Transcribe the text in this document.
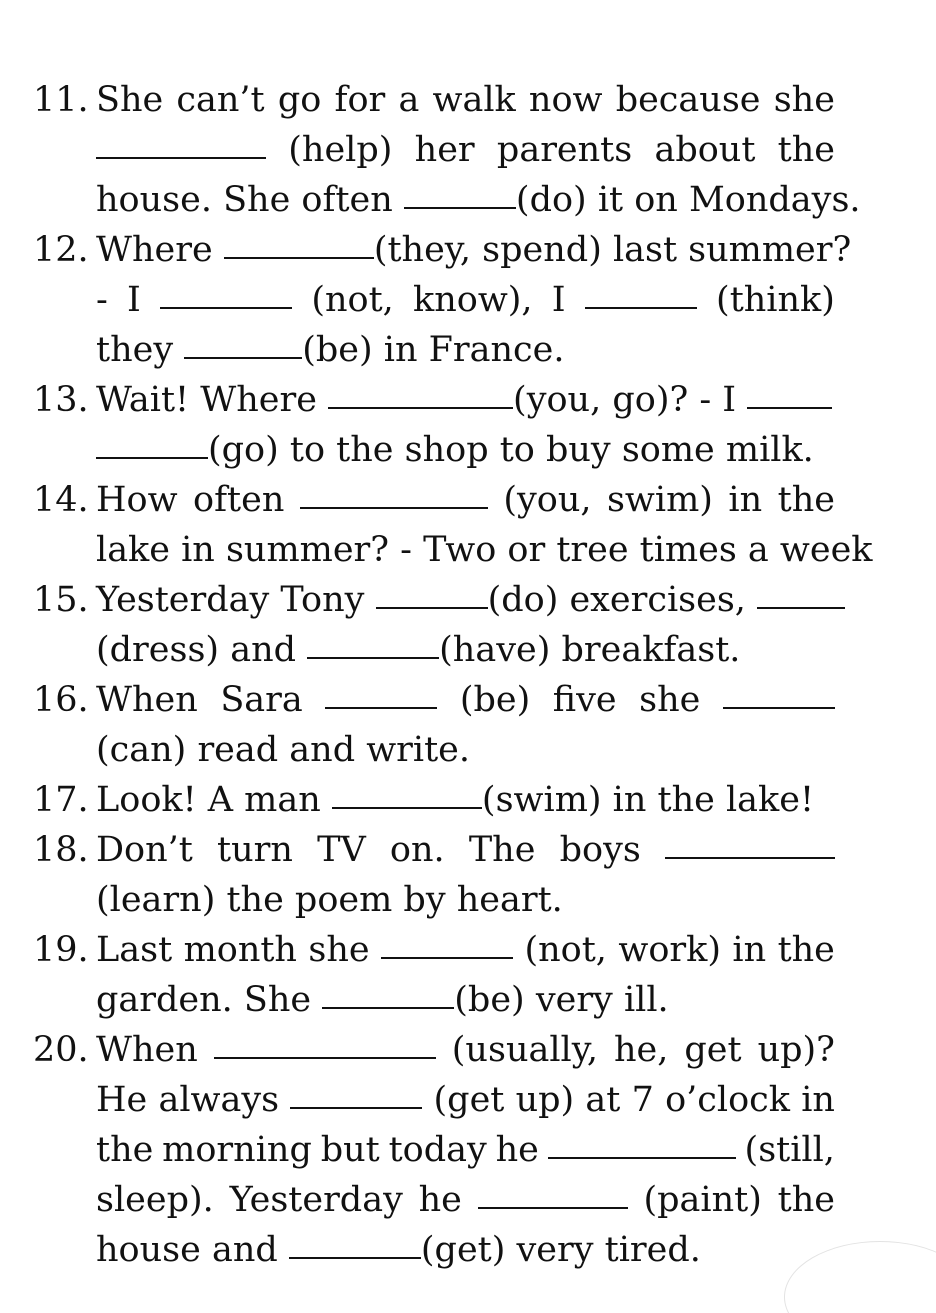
11. She can’t go for a walk now because she
(help) her parents about the
house. She often	(do) it on Mondays.
12. Where	(they, spend) last summer?
- I	(not, know), I	(think)
they	(be) in France.
13. Wait! Where	(you, go)? - I
(go) to the shop to buy some milk.
14. How often	(you, swim) in the
lake in summer? - Two or tree times a week
15. Yesterday Tony	(do) exercises,
(dress) and	(have) breakfast.
16. When Sara	(be) five she
(can) read and write.
17. Look! A man	(swim) in the lake!
18. Don’t turn TV on. The boys
(learn) the poem by heart.
19. Last month she	(not, work) in the
garden. She	(be) very ill.
20. When	(usually, he, get up)?
He always	(get up) at 7 o’clock in
the morning but today he	(still,
sleep). Yesterday he	(paint) the
house and	(get) very tired.
